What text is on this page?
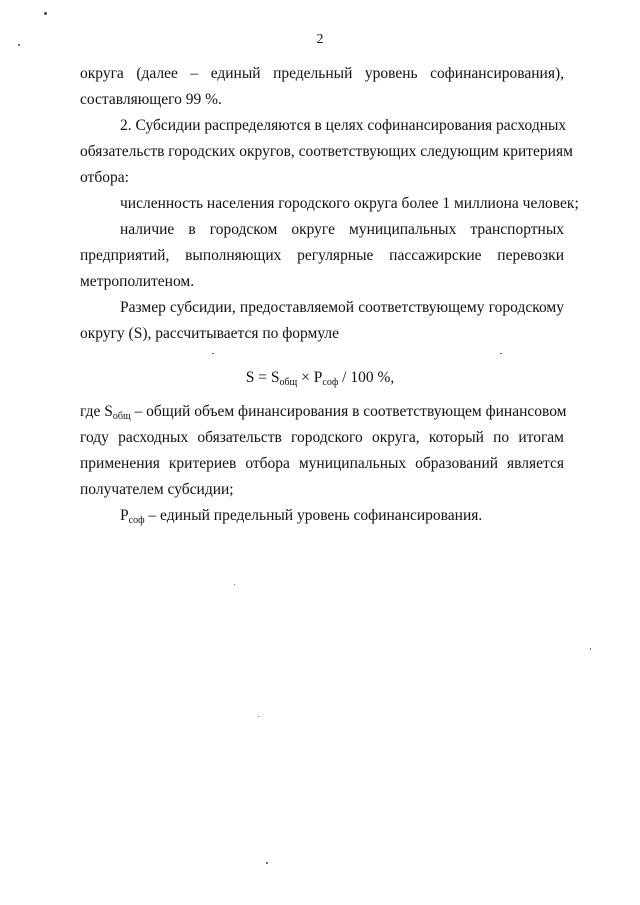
2
округа (далее – единый предельный уровень софинансирования),
составляющего 99 %.
2. Субсидии распределяются в целях софинансирования расходных
обязательств городских округов, соответствующих следующим критериям
отбора:
численность населения городского округа более 1 миллиона человек;
наличие в городском округе муниципальных транспортных
предприятий, выполняющих регулярные пассажирские перевозки
метрополитеном.
Размер субсидии, предоставляемой соответствующему городскому
округу (S), рассчитывается по формуле
$S = S_{общ} \times P_{соф} / 100$ %,
где $S_{общ}$ – общий объем финансирования в соответствующем финансовом
году расходных обязательств городского округа, который по итогам
применения критериев отбора муниципальных образований является
получателем субсидии;
$P_{соф}$ – единый предельный уровень софинансирования.
